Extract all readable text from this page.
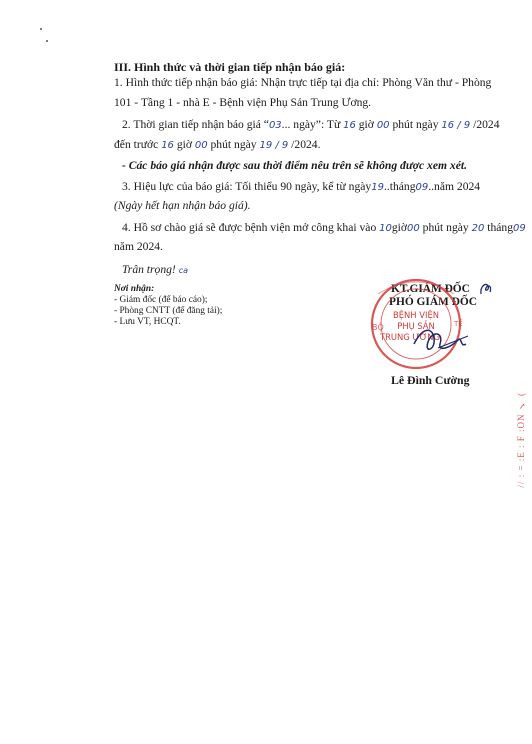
III. Hình thức và thời gian tiếp nhận báo giá:
1. Hình thức tiếp nhận báo giá: Nhận trực tiếp tại địa chỉ: Phòng Văn thư - Phòng
101 - Tầng 1 - nhà E - Bệnh viện Phụ Sản Trung Ương.
2. Thời gian tiếp nhận báo giá “03... ngày”: Từ 16 giờ 00 phút ngày 16 / 9 /2024
đến trước 16 giờ 00 phút ngày 19 / 9 /2024.
- Các báo giá nhận được sau thời điểm nêu trên sẽ không được xem xét.
3. Hiệu lực của báo giá: Tối thiểu 90 ngày, kể từ ngày19..tháng09..năm 2024
(Ngày hết hạn nhận báo giá).
4. Hồ sơ chào giá sẽ được bệnh viện mở công khai vào 10giờ00 phút ngày 20 tháng09
năm 2024.
Trân trọng! ca
Nơi nhận:
- Giám đốc (để báo cáo);
- Phòng CNTT (để đăng tải);
- Lưu VT, HCQT.
KT.GIÁM ĐỐC
PHÓ GIÁM ĐỐC
BỘ	TẾ
BỆNH VIỆN
PHỤ SẢN
TRUNG ƯƠNG
Lê Đình Cường
// : = :E : F :ON ✓ (
